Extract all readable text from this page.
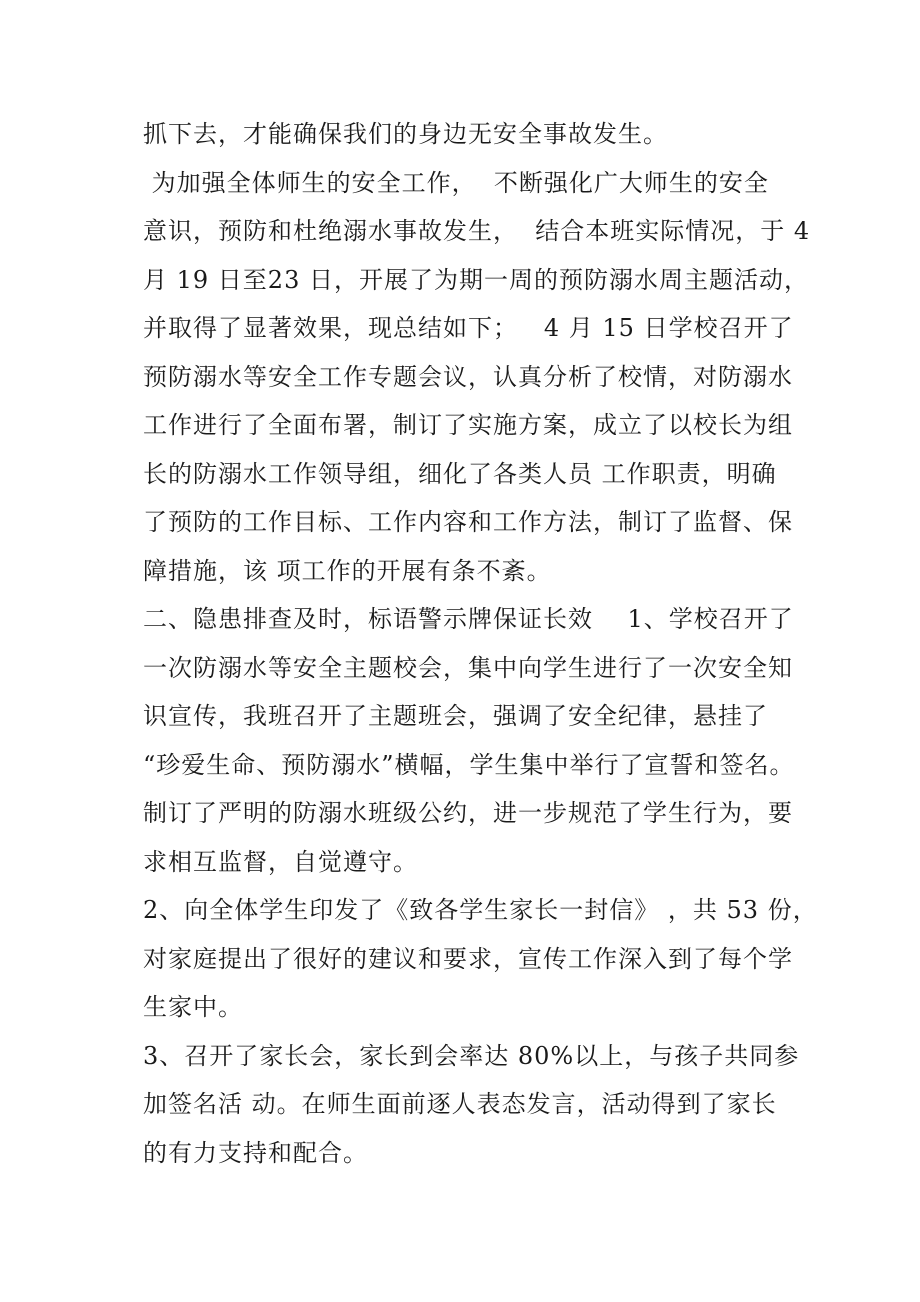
抓下去，才能确保我们的身边无安全事故发生。
为加强全体师生的安全工作，  不断强化广大师生的安全
意识，预防和杜绝溺水事故发生，  结合本班实际情况，于 4
月 19 日至23 日，开展了为期一周的预防溺水周主题活动，
并取得了显著效果，现总结如下；   4 月 15 日学校召开了
预防溺水等安全工作专题会议，认真分析了校情，对防溺水
工作进行了全面布署，制订了实施方案，成立了以校长为组
长的防溺水工作领导组，细化了各类人员 工作职责，明确
了预防的工作目标、工作内容和工作方法，制订了监督、保
障措施，该 项工作的开展有条不紊。
二、隐患排查及时，标语警示牌保证长效    1、学校召开了
一次防溺水等安全主题校会，集中向学生进行了一次安全知
识宣传，我班召开了主题班会，强调了安全纪律，悬挂了
“珍爱生命、预防溺水”横幅，学生集中举行了宣誓和签名。
制订了严明的防溺水班级公约，进一步规范了学生行为，要
求相互监督，自觉遵守。
2、向全体学生印发了《致各学生家长一封信》 ，共 53 份，
对家庭提出了很好的建议和要求，宣传工作深入到了每个学
生家中。
3、召开了家长会，家长到会率达 80%以上，与孩子共同参
加签名活 动。在师生面前逐人表态发言，活动得到了家长
的有力支持和配合。
